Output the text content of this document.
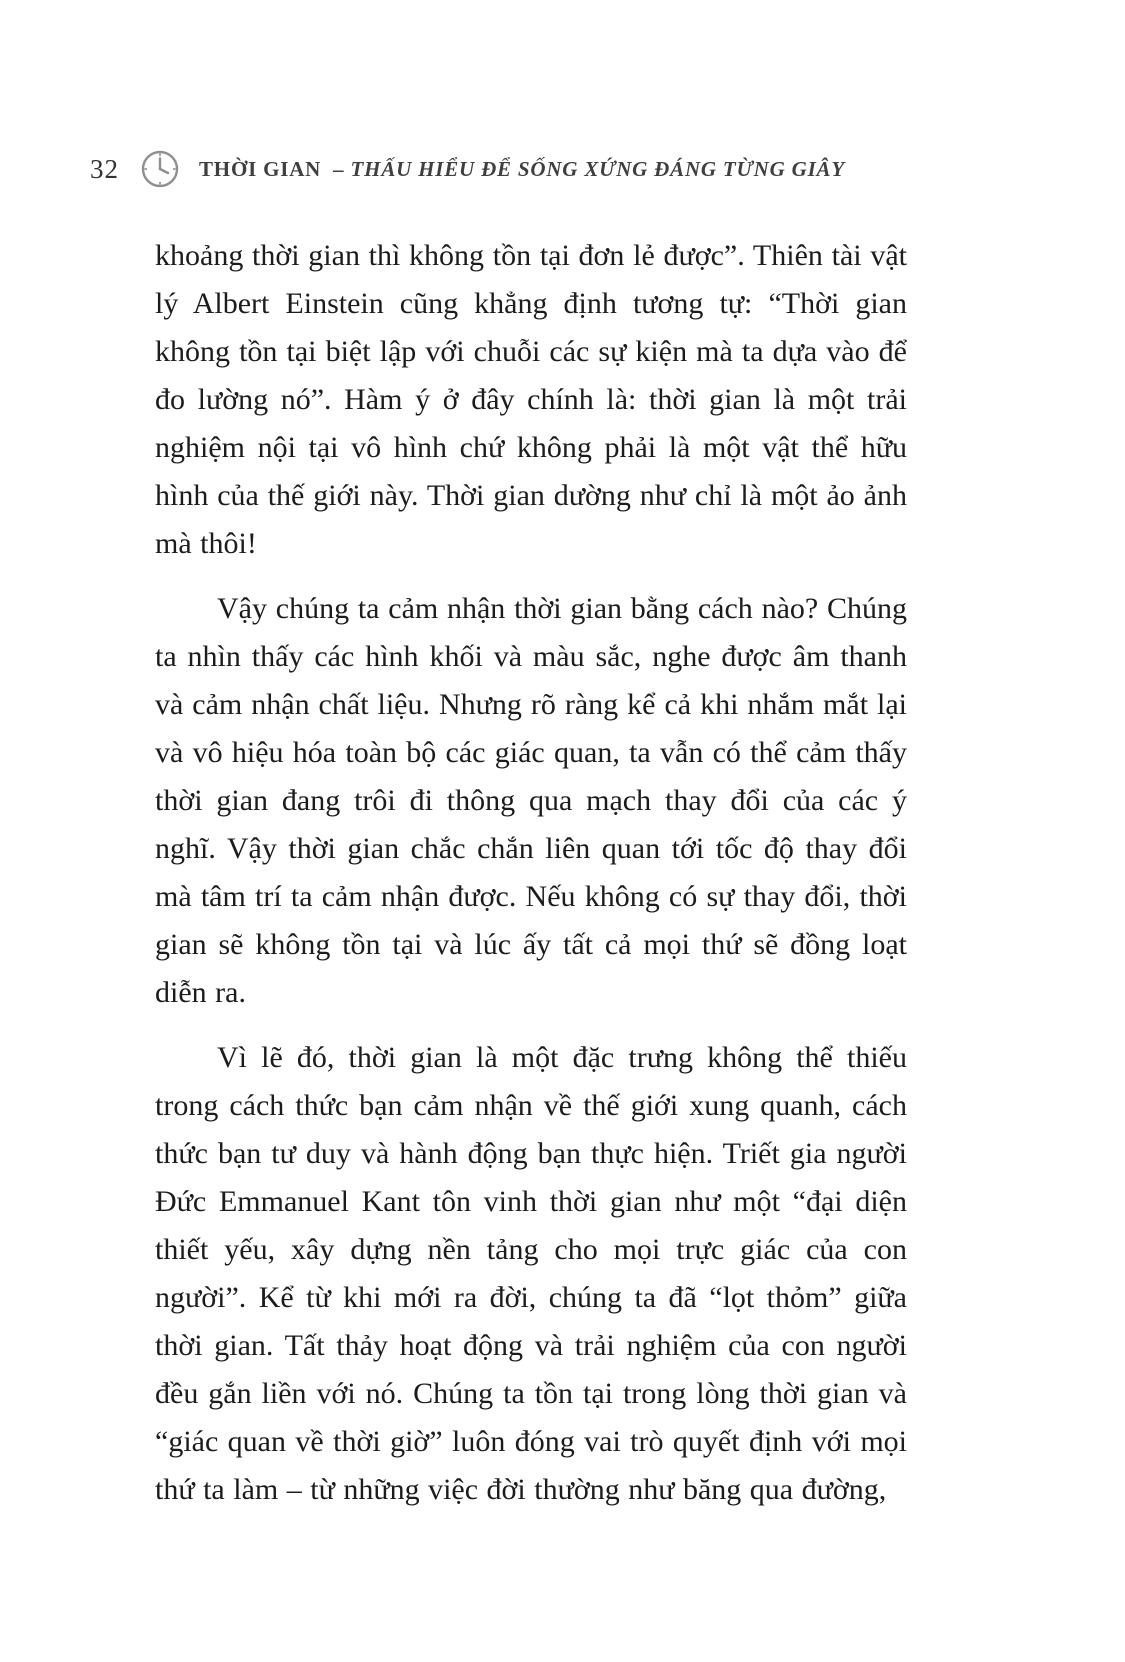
32	THỜI GIAN – THẤU HIỂU ĐỂ SỐNG XỨNG ĐÁNG TỪNG GIÂY

khoảng thời gian thì không tồn tại đơn lẻ được”. Thiên tài vật lý Albert Einstein cũng khẳng định tương tự: “Thời gian không tồn tại biệt lập với chuỗi các sự kiện mà ta dựa vào để đo lường nó”. Hàm ý ở đây chính là: thời gian là một trải nghiệm nội tại vô hình chứ không phải là một vật thể hữu hình của thế giới này. Thời gian dường như chỉ là một ảo ảnh mà thôi!

Vậy chúng ta cảm nhận thời gian bằng cách nào? Chúng ta nhìn thấy các hình khối và màu sắc, nghe được âm thanh và cảm nhận chất liệu. Nhưng rõ ràng kể cả khi nhắm mắt lại và vô hiệu hóa toàn bộ các giác quan, ta vẫn có thể cảm thấy thời gian đang trôi đi thông qua mạch thay đổi của các ý nghĩ. Vậy thời gian chắc chắn liên quan tới tốc độ thay đổi mà tâm trí ta cảm nhận được. Nếu không có sự thay đổi, thời gian sẽ không tồn tại và lúc ấy tất cả mọi thứ sẽ đồng loạt diễn ra.

Vì lẽ đó, thời gian là một đặc trưng không thể thiếu trong cách thức bạn cảm nhận về thế giới xung quanh, cách thức bạn tư duy và hành động bạn thực hiện. Triết gia người Đức Emmanuel Kant tôn vinh thời gian như một “đại diện thiết yếu, xây dựng nền tảng cho mọi trực giác của con người”. Kể từ khi mới ra đời, chúng ta đã “lọt thỏm” giữa thời gian. Tất thảy hoạt động và trải nghiệm của con người đều gắn liền với nó. Chúng ta tồn tại trong lòng thời gian và “giác quan về thời giờ” luôn đóng vai trò quyết định với mọi thứ ta làm – từ những việc đời thường như băng qua đường,
